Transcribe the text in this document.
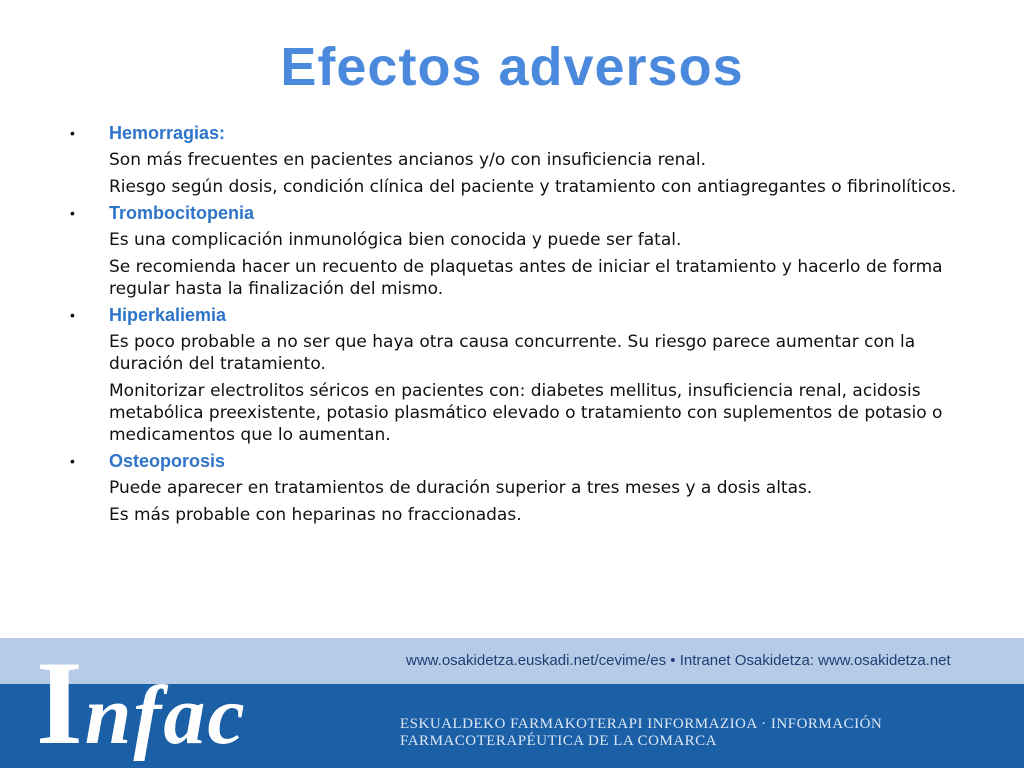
Efectos adversos
• Hemorragias:
Son más frecuentes en pacientes ancianos y/o con insuficiencia renal.
Riesgo según dosis, condición clínica del paciente y tratamiento con antiagregantes o fibrinolíticos.
• Trombocitopenia
Es una complicación inmunológica bien conocida y puede ser fatal.
Se recomienda hacer un recuento de plaquetas antes de iniciar el tratamiento y hacerlo de forma regular hasta la finalización del mismo.
• Hiperkaliemia
Es poco probable a no ser que haya otra causa concurrente. Su riesgo parece aumentar con la duración del tratamiento.
Monitorizar electrolitos séricos en pacientes con: diabetes mellitus, insuficiencia renal, acidosis metabólica preexistente, potasio plasmático elevado o tratamiento con suplementos de potasio o medicamentos que lo aumentan.
• Osteoporosis
Puede aparecer en tratamientos de duración superior a tres meses y a dosis altas.
Es más probable con heparinas no fraccionadas.
www.osakidetza.euskadi.net/cevime/es • Intranet Osakidetza: www.osakidetza.net
Infac	ESKUALDEKO FARMAKOTERAPI INFORMAZIOA · INFORMACIÓN FARMACOTERAPÉUTICA DE LA COMARCA
